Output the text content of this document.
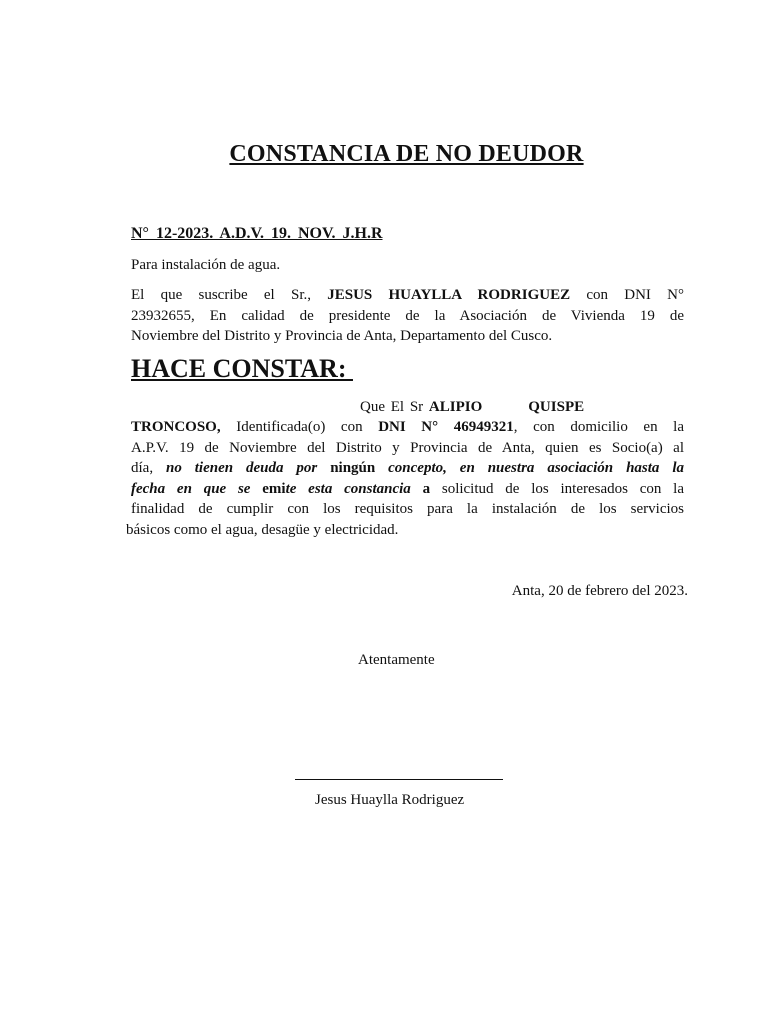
CONSTANCIA DE NO DEUDOR
N° 12-2023. A.D.V. 19. NOV. J.H.R
Para instalación de agua.
El que suscribe el Sr., JESUS HUAYLLA RODRIGUEZ con DNI N°
23932655, En calidad de presidente de la Asociación de Vivienda 19 de
Noviembre del Distrito y Provincia de Anta, Departamento del Cusco.
HACE CONSTAR:
Que El Sr ALIPIO        QUISPE
TRONCOSO, Identificada(o) con DNI N° 46949321, con domicilio en la
A.P.V. 19 de Noviembre del Distrito y Provincia de Anta, quien es Socio(a) al
día, no tienen deuda por ningún concepto, en nuestra asociación hasta la
fecha en que se emite esta constancia a solicitud de los interesados con la
finalidad de cumplir con los requisitos para la instalación de los servicios
básicos como el agua, desagüe y electricidad.
Anta, 20 de febrero del 2023.
Atentamente
Jesus Huaylla Rodriguez
